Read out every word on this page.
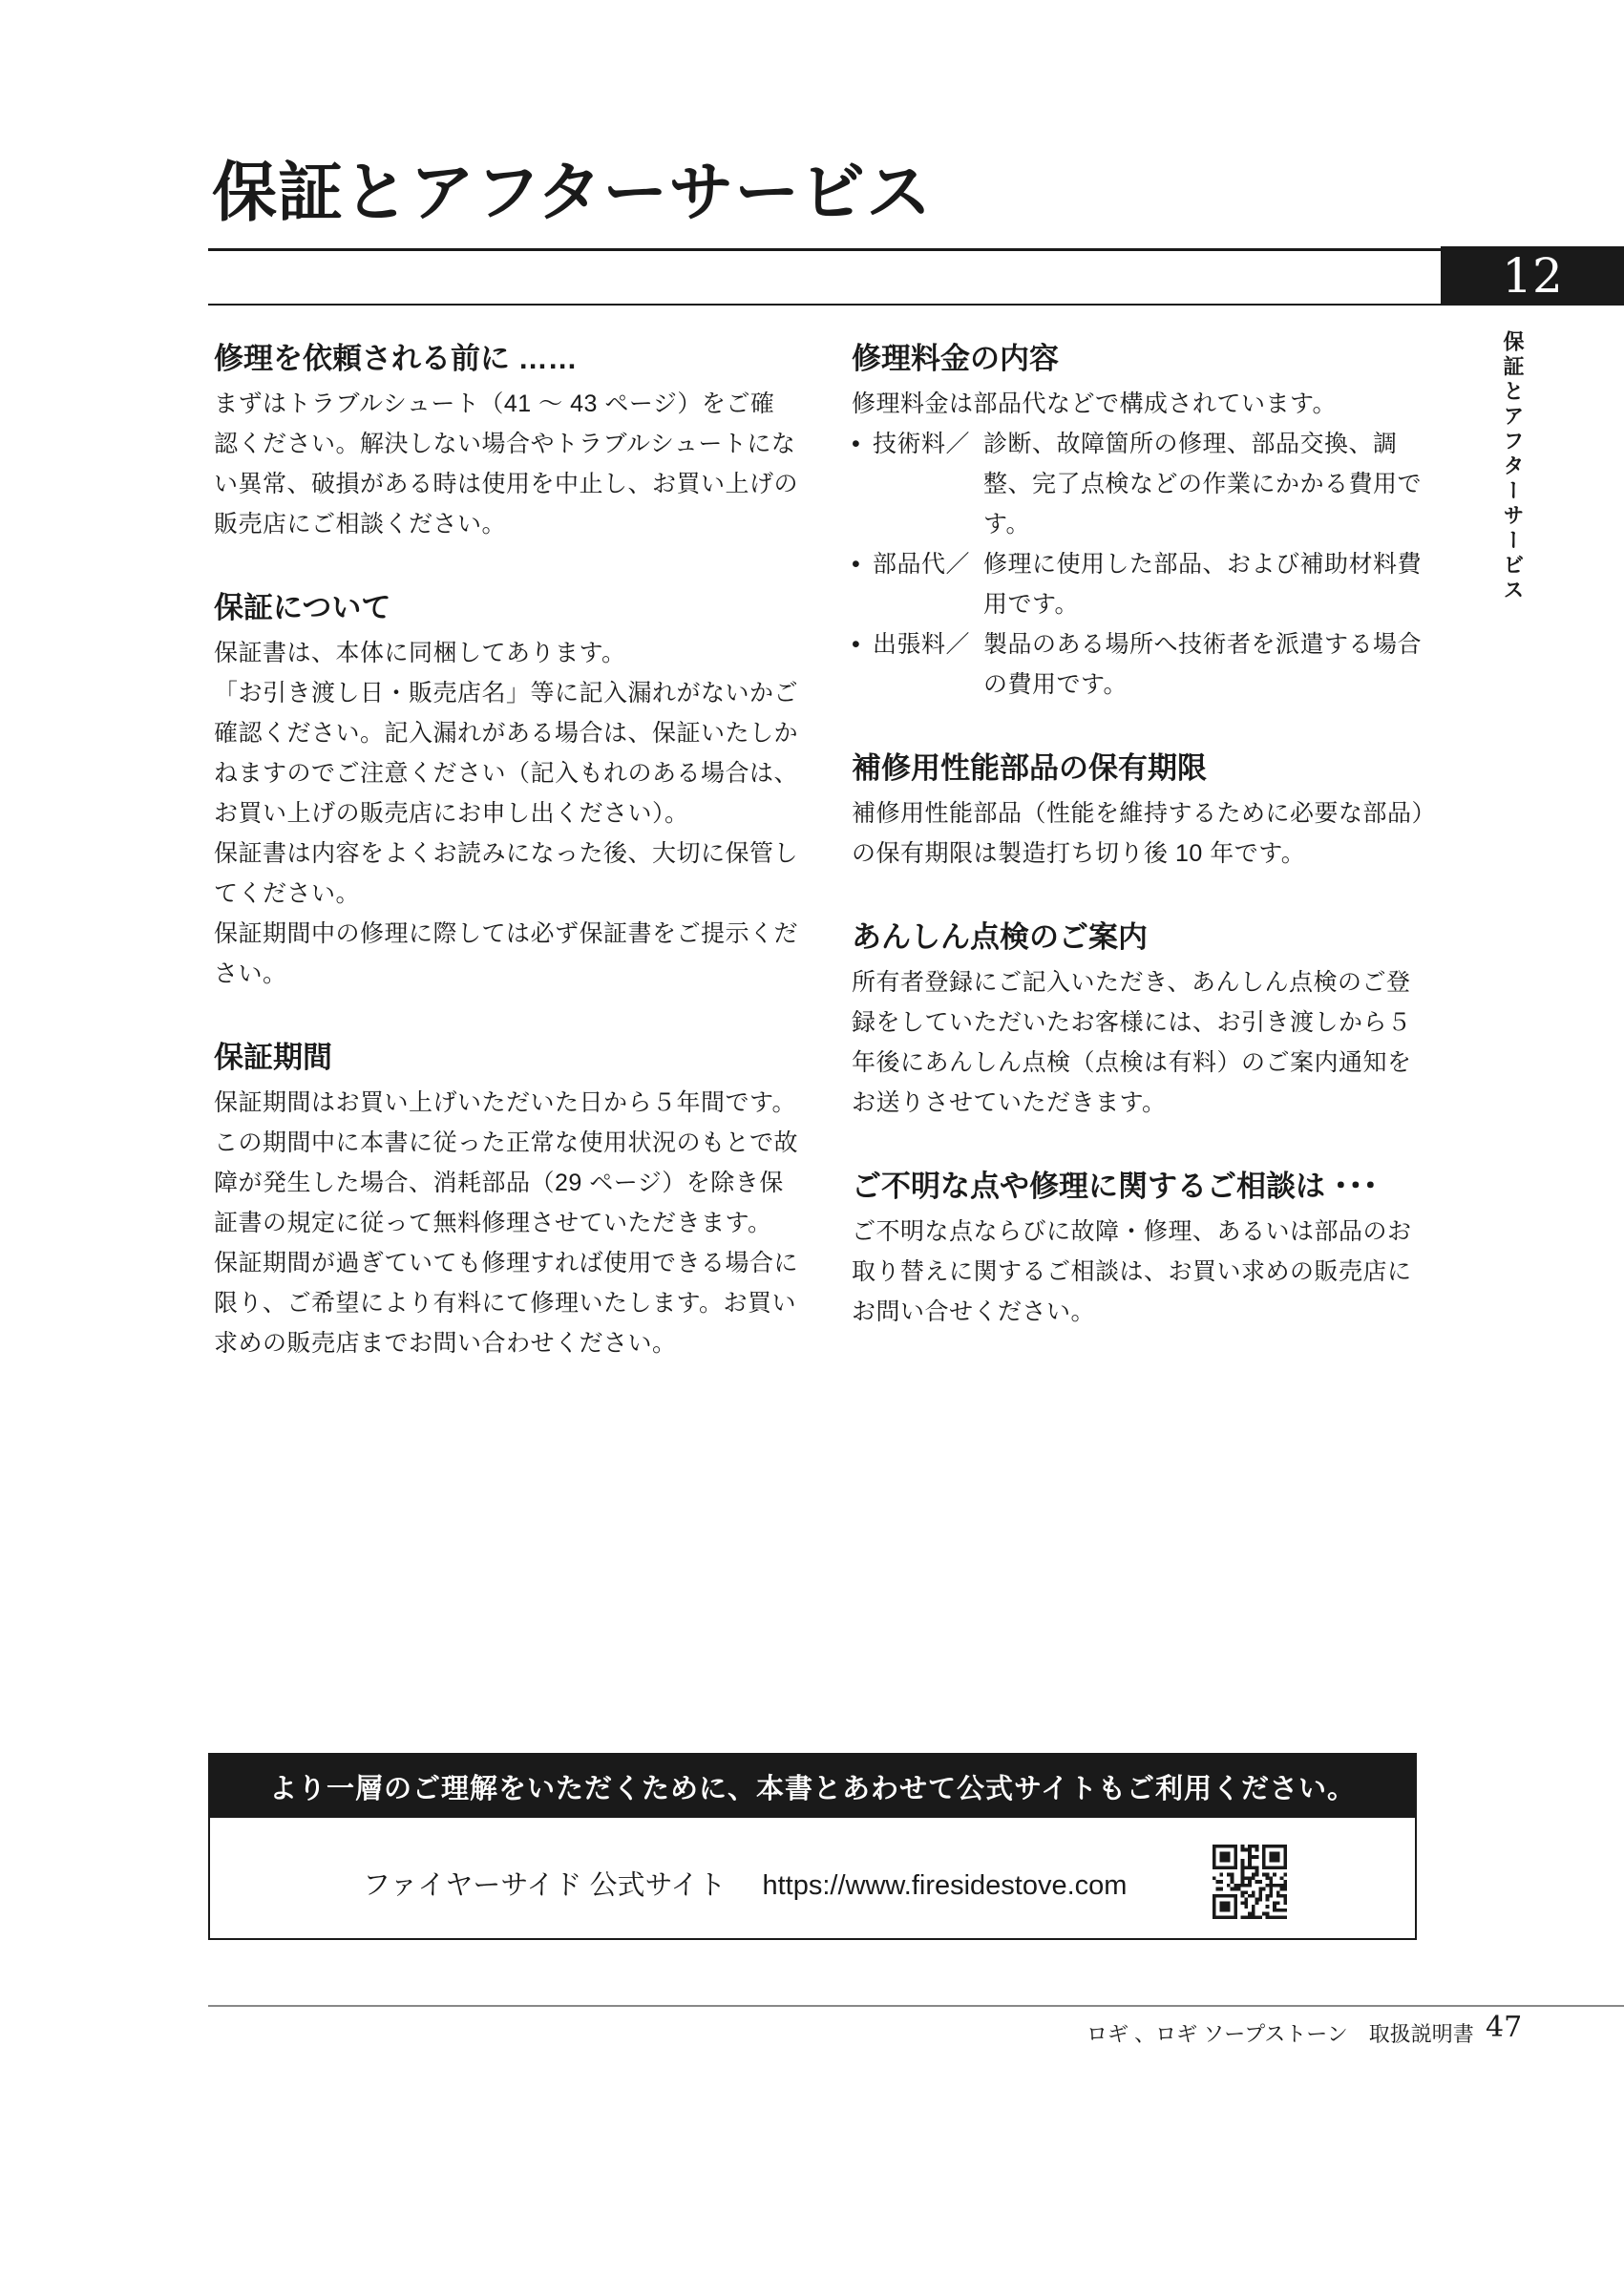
保証とアフターサービス
12
保証とアフターサービス
修理を依頼される前に ……

まずはトラブルシュート（41 ～ 43 ページ）をご確認ください。解決しない場合やトラブルシュートにない異常、破損がある時は使用を中止し、お買い上げの販売店にご相談ください。

保証について

保証書は、本体に同梱してあります。

「お引き渡し日・販売店名」等に記入漏れがないかご確認ください。記入漏れがある場合は、保証いたしかねますのでご注意ください（記入もれのある場合は、お買い上げの販売店にお申し出ください）。

保証書は内容をよくお読みになった後、大切に保管してください。

保証期間中の修理に際しては必ず保証書をご提示ください。

保証期間

保証期間はお買い上げいただいた日から５年間です。この期間中に本書に従った正常な使用状況のもとで故障が発生した場合、消耗部品（29 ページ）を除き保証書の規定に従って無料修理させていただきます。

保証期間が過ぎていても修理すれば使用できる場合に限り、ご希望により有料にて修理いたします。お買い求めの販売店までお問い合わせください。

修理料金の内容

修理料金は部品代などで構成されています。

• 技術料／ 診断、故障箇所の修理、部品交換、調整、完了点検などの作業にかかる費用です。
• 部品代／ 修理に使用した部品、および補助材料費用です。
• 出張料／ 製品のある場所へ技術者を派遣する場合の費用です。
補修用性能部品の保有期限

補修用性能部品（性能を維持するために必要な部品）の保有期限は製造打ち切り後 10 年です。

あんしん点検のご案内

所有者登録にご記入いただき、あんしん点検のご登録をしていただいたお客様には、お引き渡しから５年後にあんしん点検（点検は有料）のご案内通知をお送りさせていただきます。

ご不明な点や修理に関するご相談は ･･･

ご不明な点ならびに故障・修理、あるいは部品のお取り替えに関するご相談は、お買い求めの販売店にお問い合せください。

より一層のご理解をいただくために、本書とあわせて公式サイトもご利用ください。
ファイヤーサイド 公式サイト https://www.firesidestove.com
ロギ 、ロギ ソープストーン　取扱説明書 47
